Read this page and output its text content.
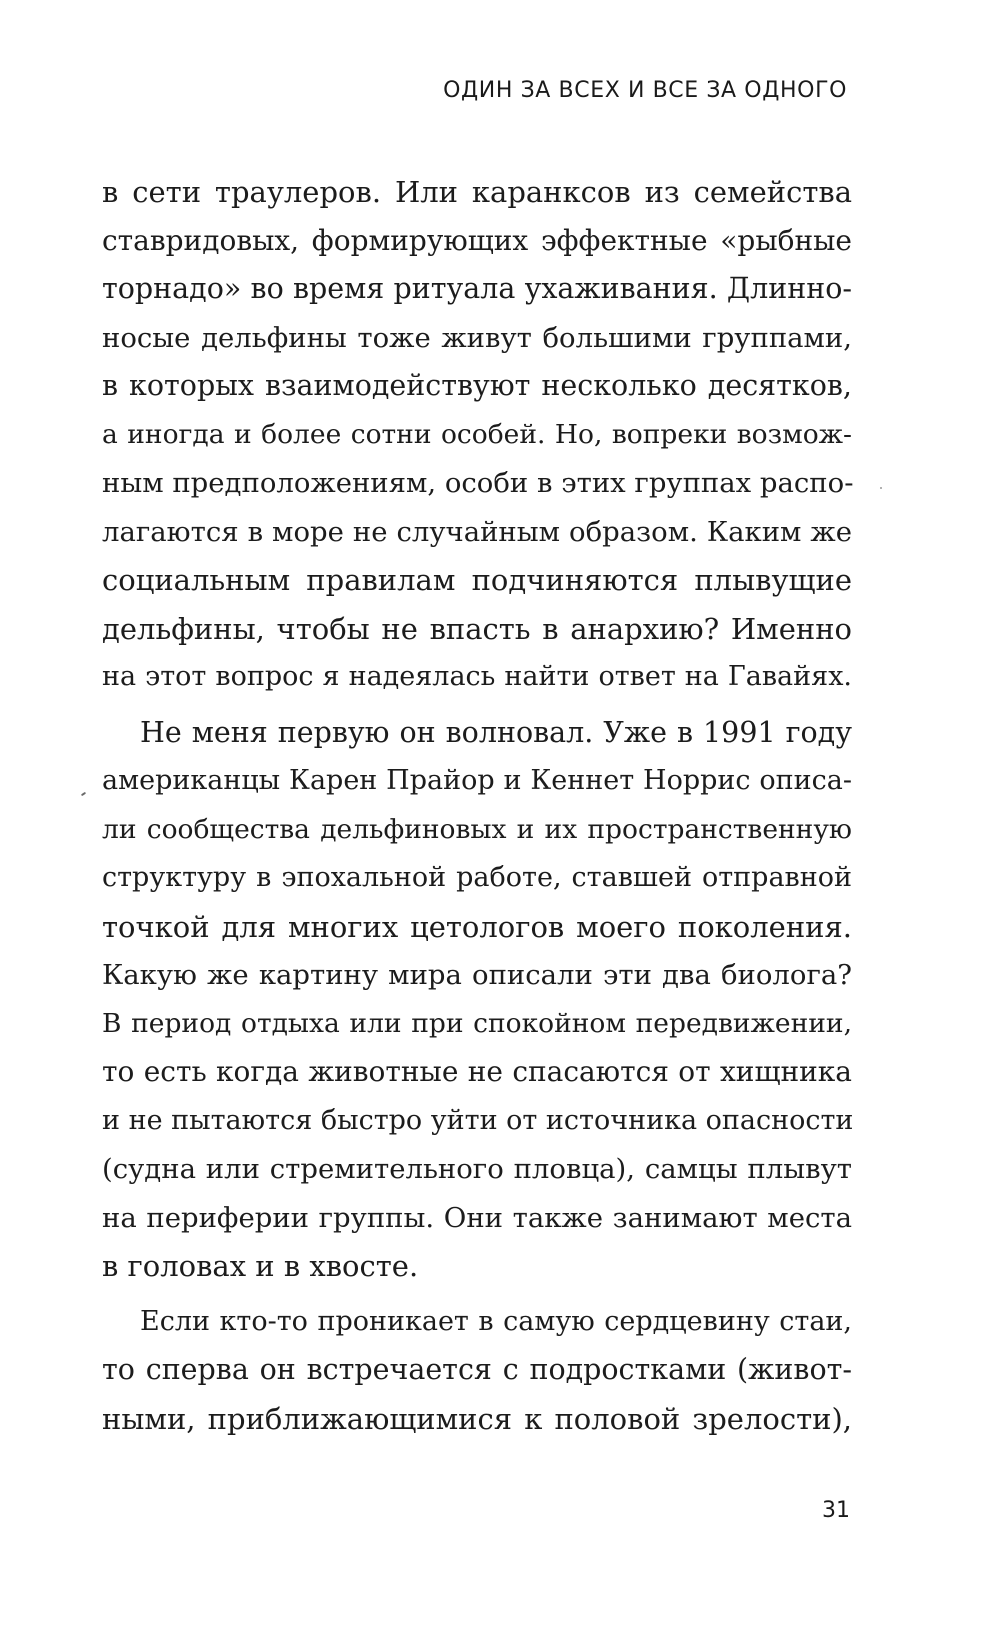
ОДИН ЗА ВСЕХ И ВСЕ ЗА ОДНОГО
в сети траулеров. Или каранксов из семейства
ставридовых, формирующих эффектные «рыбные
торнадо» во время ритуала ухаживания. Длинно-
носые дельфины тоже живут большими группами,
в которых взаимодействуют несколько десятков,
а иногда и более сотни особей. Но, вопреки возмож-
ным предположениям, особи в этих группах распо-
лагаются в море не случайным образом. Каким же
социальным правилам подчиняются плывущие
дельфины, чтобы не впасть в анархию? Именно
на этот вопрос я надеялась найти ответ на Гавайях.
Не меня первую он волновал. Уже в 1991 году
американцы Карен Прайор и Кеннет Норрис описа-
ли сообщества дельфиновых и их пространственную
структуру в эпохальной работе, ставшей отправной
точкой для многих цетологов моего поколения.
Какую же картину мира описали эти два биолога?
В период отдыха или при спокойном передвижении,
то есть когда животные не спасаются от хищника
и не пытаются быстро уйти от источника опасности
(судна или стремительного пловца), самцы плывут
на периферии группы. Они также занимают места
в головах и в хвосте.
Если кто-то проникает в самую сердцевину стаи,
то сперва он встречается с подростками (живот-
ными, приближающимися к половой зрелости),
31
